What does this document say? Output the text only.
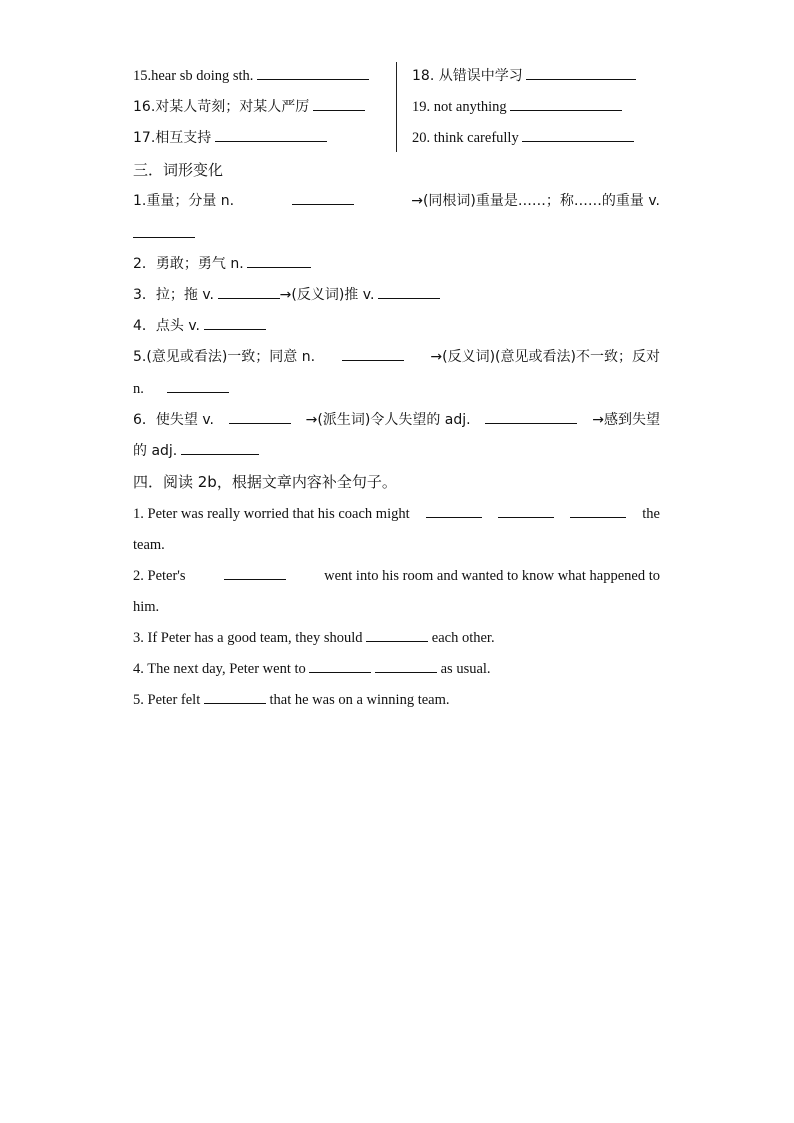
15.hear sb doing sth.
16.对某人苛刻；对某人严厉
17.相互支持
18. 从错误中学习
19. not anything
20. think carefully
三．词形变化
1.重量；分量 n.	→(同根词)重量是……；称……的重量 v.
2．勇敢；勇气 n.
3．拉；拖 v.	→(反义词)推 v.
4．点头 v.
5.(意见或看法)一致；同意 n.	→(反义词)(意见或看法)不一致；反对
n.
6．使失望 v.	→(派生词)令人失望的 adj.	→感到失望
的 adj.
四．阅读 2b，根据文章内容补全句子。
1. Peter was really worried that his coach might	the
team.
2. Peter's	went into his room and wanted to know what happened to
him.
3. If Peter has a good team, they should	each other.
4. The next day, Peter went to	as usual.
5. Peter felt	that he was on a winning team.
